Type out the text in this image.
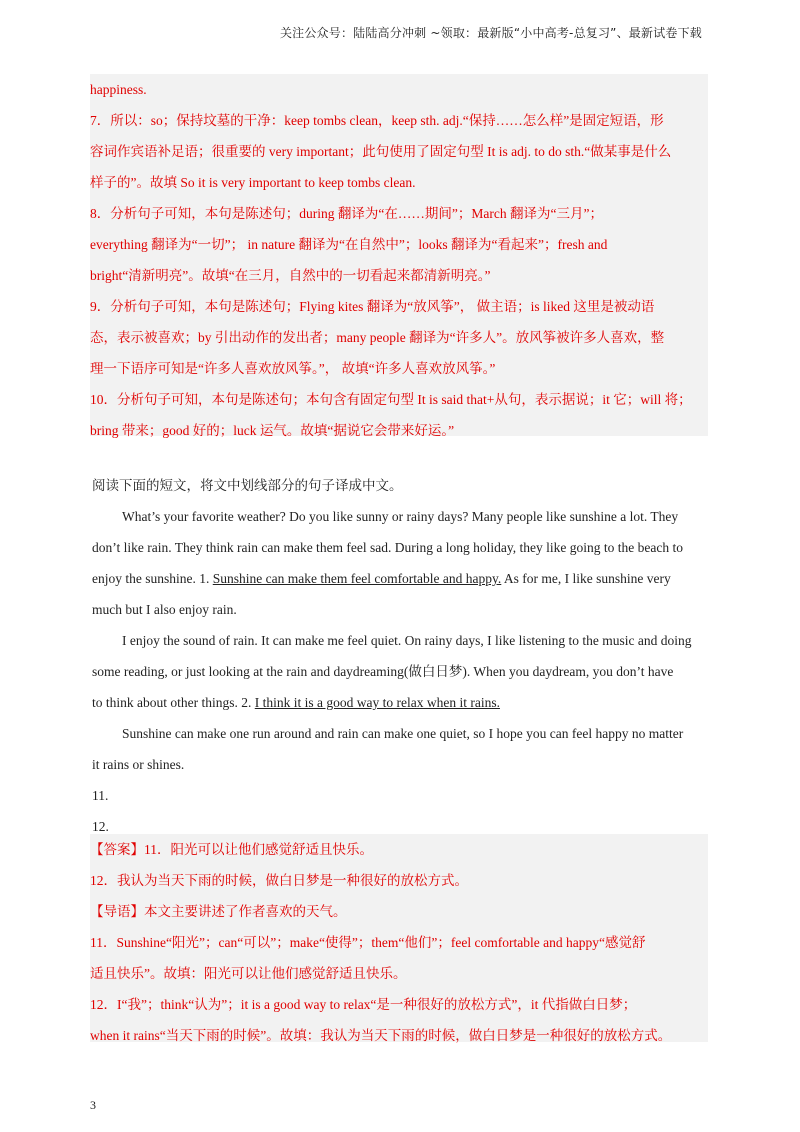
关注公众号：陆陆高分冲刺 ~领取：最新版“小中高考-总复习”、最新试卷下载

happiness.

7．所以：so；保持坟墓的干净：keep tombs clean，keep sth. adj.“保持……怎么样”是固定短语，形

容词作宾语补足语；很重要的 very important；此句使用了固定句型 It is adj. to do sth.“做某事是什么

样子的”。故填 So it is very important to keep tombs clean.

8．分析句子可知，本句是陈述句；during 翻译为“在……期间”；March 翻译为“三月”；

everything 翻译为“一切”； in nature 翻译为“在自然中”；looks 翻译为“看起来”；fresh and

bright“清新明亮”。故填“在三月，自然中的一切看起来都清新明亮。”

9．分析句子可知，本句是陈述句；Flying kites 翻译为“放风筝”， 做主语；is liked 这里是被动语

态，表示被喜欢；by 引出动作的发出者；many people 翻译为“许多人”。放风筝被许多人喜欢，整

理一下语序可知是“许多人喜欢放风筝。”， 故填“许多人喜欢放风筝。”

10．分析句子可知，本句是陈述句；本句含有固定句型 It is said that+从句，表示据说；it 它；will 将；

bring 带来；good 好的；luck 运气。故填“据说它会带来好运。”

阅读下面的短文，将文中划线部分的句子译成中文。

What’s your favorite weather? Do you like sunny or rainy days? Many people like sunshine a lot. They

don’t like rain. They think rain can make them feel sad. During a long holiday, they like going to the beach to

enjoy the sunshine. 1. Sunshine can make them feel comfortable and happy. As for me, I like sunshine very

much but I also enjoy rain.

I enjoy the sound of rain. It can make me feel quiet. On rainy days, I like listening to the music and doing

some reading, or just looking at the rain and daydreaming(做白日梦). When you daydream, you don’t have

to think about other things. 2. I think it is a good way to relax when it rains.

Sunshine can make one run around and rain can make one quiet, so I hope you can feel happy no matter

it rains or shines.

11.

12.

【答案】11．阳光可以让他们感觉舒适且快乐。

12．我认为当天下雨的时候，做白日梦是一种很好的放松方式。

【导语】本文主要讲述了作者喜欢的天气。

11．Sunshine“阳光”；can“可以”；make“使得”；them“他们”；feel comfortable and happy“感觉舒

适且快乐”。故填：阳光可以让他们感觉舒适且快乐。

12．I“我”；think“认为”；it is a good way to relax“是一种很好的放松方式”，it 代指做白日梦；

when it rains“当天下雨的时候”。故填：我认为当天下雨的时候，做白日梦是一种很好的放松方式。

3
